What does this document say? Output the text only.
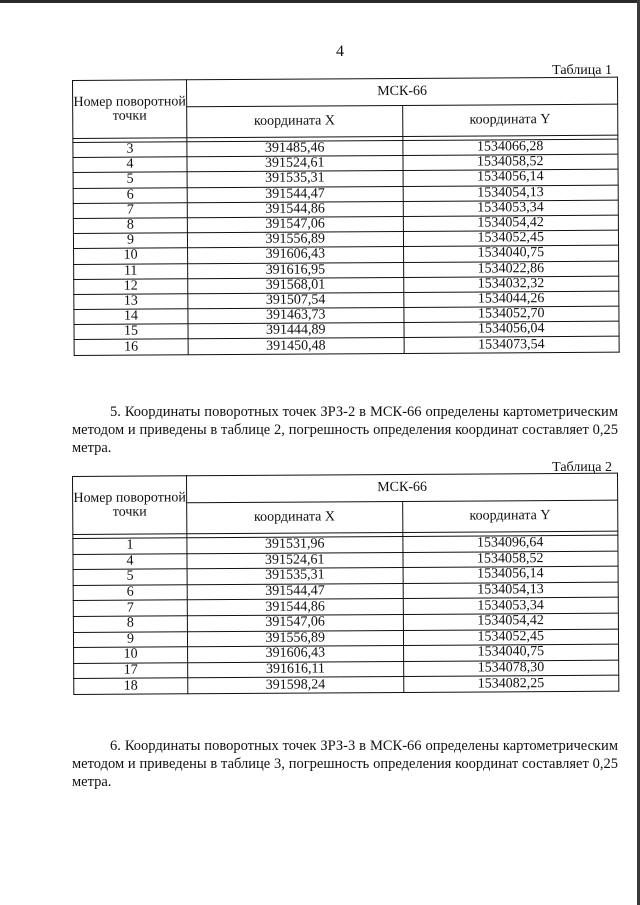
4
Таблица 1
Номер поворотной точки	МСК-66	
	координата X	координата Y

3	391485,46	1534066,28
4	391524,61	1534058,52
5	391535,31	1534056,14
6	391544,47	1534054,13
7	391544,86	1534053,34
8	391547,06	1534054,42
9	391556,89	1534052,45
10	391606,43	1534040,75
11	391616,95	1534022,86
12	391568,01	1534032,32
13	391507,54	1534044,26
14	391463,73	1534052,70
15	391444,89	1534056,04
16	391450,48	1534073,54
5. Координаты поворотных точек ЗРЗ-2 в МСК-66 определены картометрическим методом и приведены в таблице 2, погрешность определения координат составляет 0,25 метра.
Таблица 2
Номер поворотной точки	МСК-66	
	координата X	координата Y

1	391531,96	1534096,64
4	391524,61	1534058,52
5	391535,31	1534056,14
6	391544,47	1534054,13
7	391544,86	1534053,34
8	391547,06	1534054,42
9	391556,89	1534052,45
10	391606,43	1534040,75
17	391616,11	1534078,30
18	391598,24	1534082,25
6. Координаты поворотных точек ЗРЗ-3 в МСК-66 определены картометрическим методом и приведены в таблице 3, погрешность определения координат составляет 0,25 метра.
